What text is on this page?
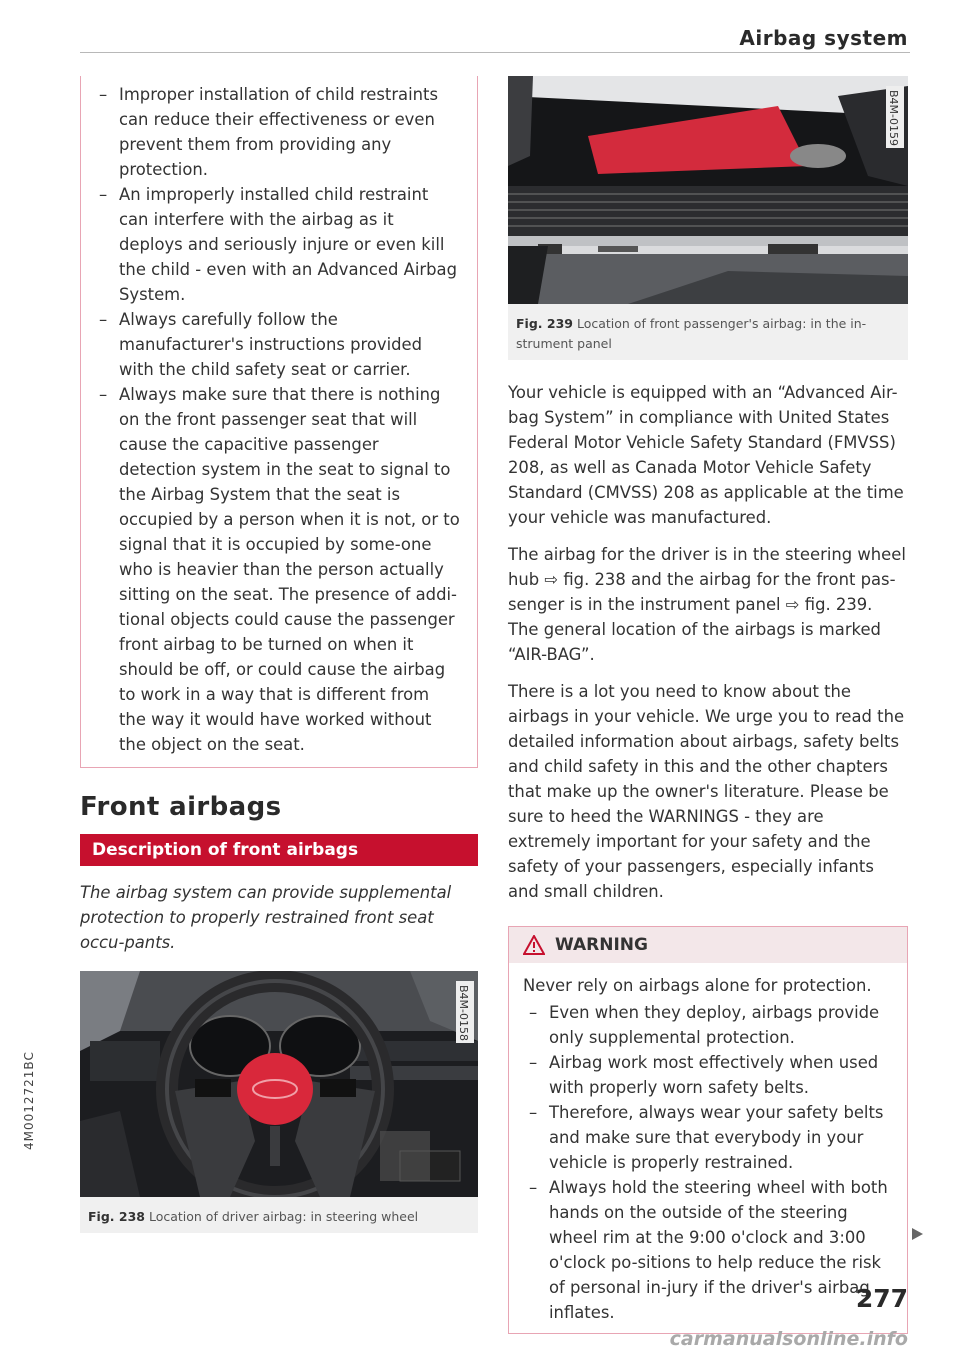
Airbag system
4M0012721BC
– Improper installation of child restraints can reduce their effectiveness or even prevent them from providing any protection.
– An improperly installed child restraint can interfere with the airbag as it deploys and seriously injure or even kill the child - even with an Advanced Airbag System.
– Always carefully follow the manufacturer's instructions provided with the child safety seat or carrier.
– Always make sure that there is nothing on the front passenger seat that will cause the capacitive passenger detection system in the seat to signal to the Airbag System that the seat is occupied by a person when it is not, or to signal that it is occupied by some-one who is heavier than the person actually sitting on the seat. The presence of addi-tional objects could cause the passenger front airbag to be turned on when it should be off, or could cause the airbag to work in a way that is different from the way it would have worked without the object on the seat.
Front airbags
Description of front airbags
The airbag system can provide supplemental protection to properly restrained front seat occu-pants.
B4M-0158
Fig. 238 Location of driver airbag: in steering wheel
B4M-0159
Fig. 239 Location of front passenger's airbag: in the in-strument panel

Your vehicle is equipped with an “Advanced Air-bag System” in compliance with United States Federal Motor Vehicle Safety Standard (FMVSS) 208, as well as Canada Motor Vehicle Safety Standard (CMVSS) 208 as applicable at the time your vehicle was manufactured.

The airbag for the driver is in the steering wheel hub ⇨ fig. 238 and the airbag for the front pas-senger is in the instrument panel ⇨ fig. 239. The general location of the airbags is marked “AIR-BAG”.

There is a lot you need to know about the airbags in your vehicle. We urge you to read the detailed information about airbags, safety belts and child safety in this and the other chapters that make up the owner's literature. Please be sure to heed the WARNINGS - they are extremely important for your safety and the safety of your passengers, especially infants and small children.

WARNING

Never rely on airbags alone for protection.

– Even when they deploy, airbags provide only supplemental protection.
– Airbag work most effectively when used with properly worn safety belts.
– Therefore, always wear your safety belts and make sure that everybody in your vehicle is properly restrained.
– Always hold the steering wheel with both hands on the outside of the steering wheel rim at the 9:00 o'clock and 3:00 o'clock po-sitions to help reduce the risk of personal in-jury if the driver's airbag inflates.	277
carmanualsonline.info
